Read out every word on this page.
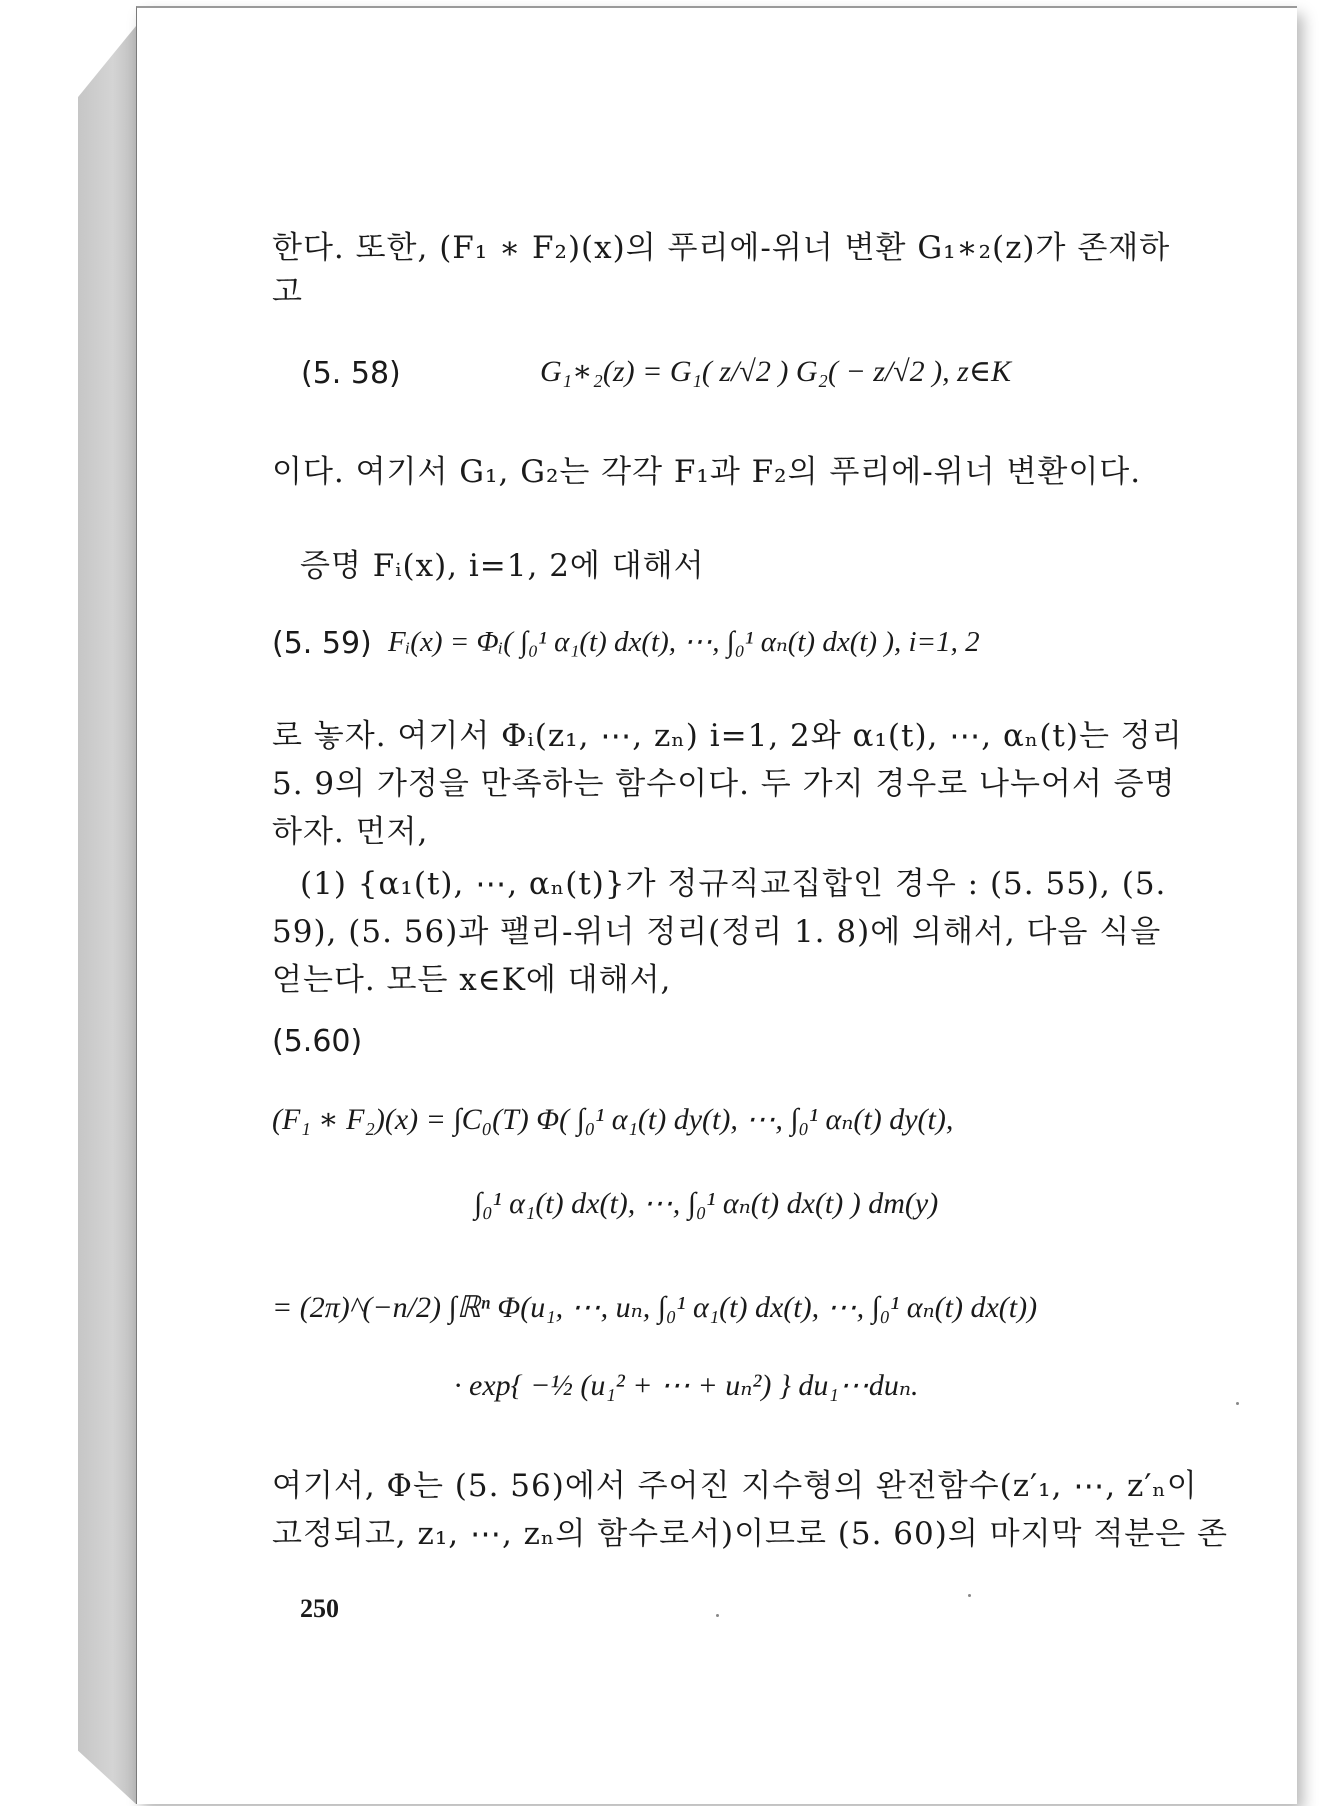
한다. 또한, (F₁ ∗ F₂)(x)의 푸리에-위너 변환 G₁∗₂(z)가 존재하
고
(5. 58)	G₁∗₂(z) = G₁( z/√2 ) G₂( − z/√2 ), z∈K
이다. 여기서 G₁, G₂는 각각 F₁과 F₂의 푸리에-위너 변환이다.
증명 Fᵢ(x), i=1, 2에 대해서
(5. 59) Fᵢ(x) = Φᵢ( ∫₀¹ α₁(t) dx(t), ⋯, ∫₀¹ αₙ(t) dx(t) ), i=1, 2
로 놓자. 여기서 Φᵢ(z₁, ⋯, zₙ) i=1, 2와 α₁(t), ⋯, αₙ(t)는 정리
5. 9의 가정을 만족하는 함수이다. 두 가지 경우로 나누어서 증명
하자. 먼저,
(1) {α₁(t), ⋯, αₙ(t)}가 정규직교집합인 경우 : (5. 55), (5.
59), (5. 56)과 팰리-위너 정리(정리 1. 8)에 의해서, 다음 식을
얻는다. 모든 x∈K에 대해서,
(5.60)
(F₁ ∗ F₂)(x) = ∫C₀(T) Φ( ∫₀¹ α₁(t) dy(t), ⋯, ∫₀¹ αₙ(t) dy(t),
∫₀¹ α₁(t) dx(t), ⋯, ∫₀¹ αₙ(t) dx(t) ) dm(y)
= (2π)^(−n/2) ∫ℝⁿ Φ(u₁, ⋯, uₙ, ∫₀¹ α₁(t) dx(t), ⋯, ∫₀¹ αₙ(t) dx(t))
· exp{ −½ (u₁² + ⋯ + uₙ²) } du₁⋯duₙ.
여기서, Φ는 (5. 56)에서 주어진 지수형의 완전함수(z′₁, ⋯, z′ₙ이
고정되고, z₁, ⋯, zₙ의 함수로서)이므로 (5. 60)의 마지막 적분은 존
250
